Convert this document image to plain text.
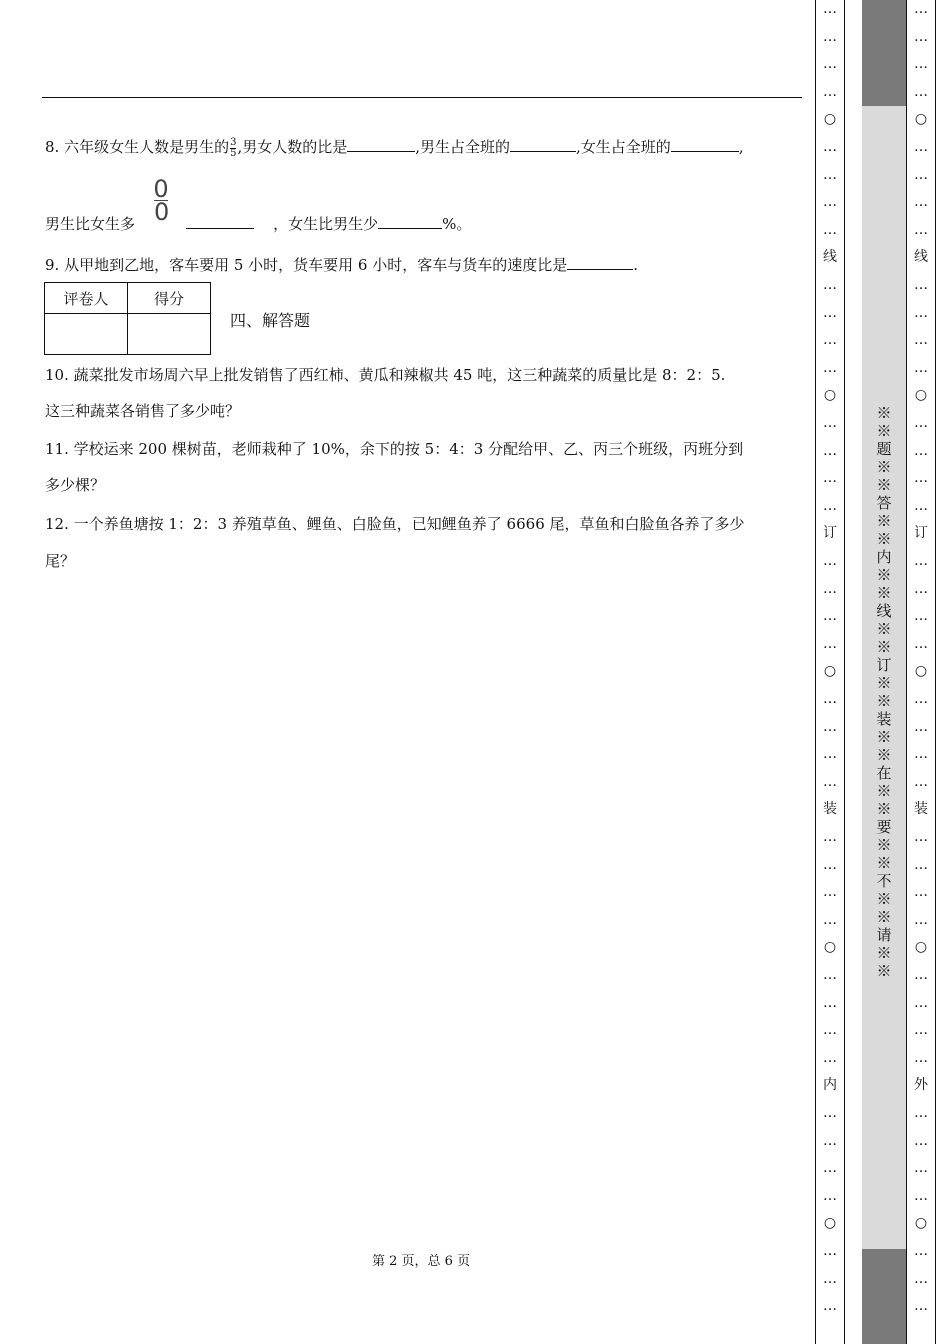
8. 六年级女生人数是男生的$\frac{3}{5}$ ,男女人数的比是	,男生占全班的	,女生占全班的	,
男生比女生多
$\frac{0}{0}$
，女生比男生少	%。
9. 从甲地到乙地，客车要用 5 小时，货车要用 6 小时，客车与货车的速度比是	.
评卷人	得分

四、解答题
10. 蔬菜批发市场周六早上批发销售了西红柿、黄瓜和辣椒共 45 吨，这三种蔬菜的质量比是 8：2：5.
这三种蔬菜各销售了多少吨？
11. 学校运来 200 棵树苗，老师栽种了 10%，余下的按 5：4：3 分配给甲、乙、丙三个班级，丙班分到
多少棵？
12. 一个养鱼塘按 1：2：3 养殖草鱼、鲤鱼、白脸鱼，已知鲤鱼养了 6666 尾，草鱼和白脸鱼各养了多少
尾？
第 2 页，总 6 页
…
…
…
…
○
…
…
…
…
线
…
…
…
…
○
…
…
…
…
订
…
…
…
…
○
…
…
…
…
装
…
…
…
…
○
…
…
…
…
内
…
…
…
…
○
…
…
…
※※题※※答※※内※※线※※订※※装※※在※※要※※不※※请※※
…
…
…
…
○
…
…
…
…
线
…
…
…
…
○
…
…
…
…
订
…
…
…
…
○
…
…
…
…
装
…
…
…
…
○
…
…
…
…
外
…
…
…
…
○
…
…
…
